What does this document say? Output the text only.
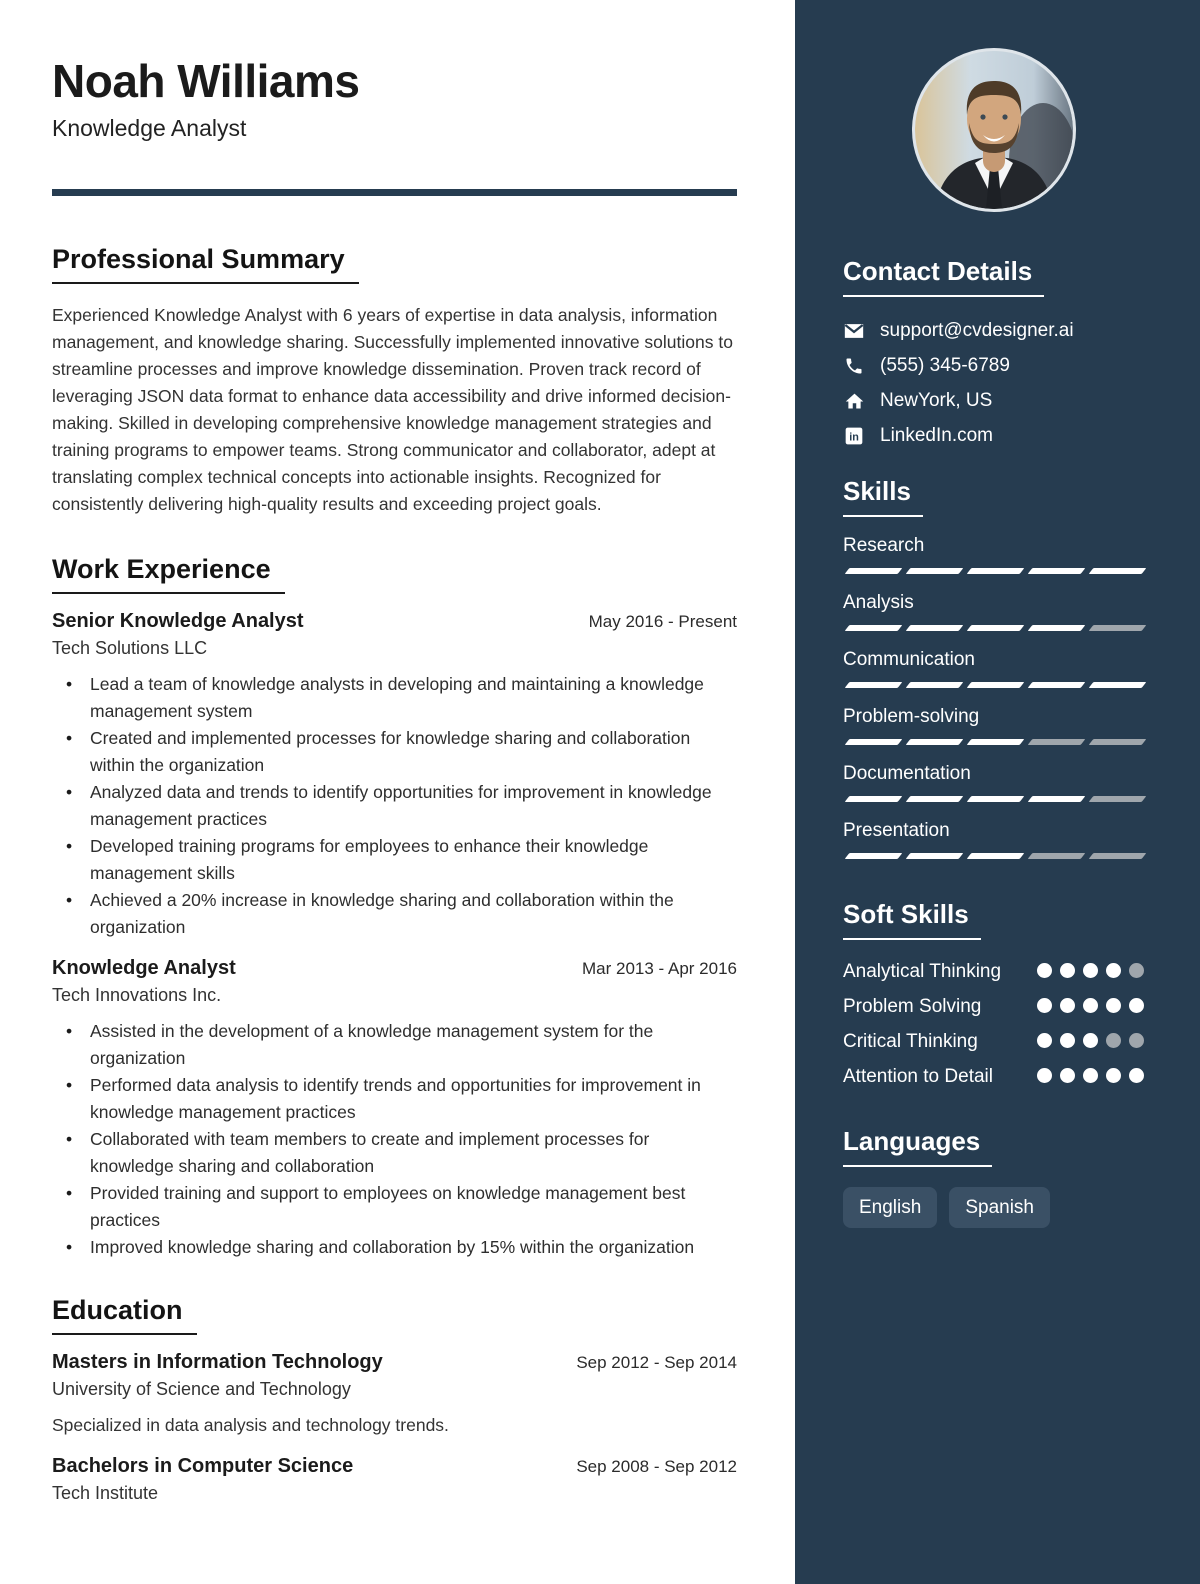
Noah Williams
Knowledge Analyst
Professional Summary

Experienced Knowledge Analyst with 6 years of expertise in data analysis, information management, and knowledge sharing. Successfully implemented innovative solutions to streamline processes and improve knowledge dissemination. Proven track record of leveraging JSON data format to enhance data accessibility and drive informed decision-making. Skilled in developing comprehensive knowledge management strategies and training programs to empower teams. Strong communicator and collaborator, adept at translating complex technical concepts into actionable insights. Recognized for consistently delivering high-quality results and exceeding project goals.

Work Experience
Senior Knowledge Analyst	May 2016 - Present
Tech Solutions LLC
• Lead a team of knowledge analysts in developing and maintaining a knowledge management system
• Created and implemented processes for knowledge sharing and collaboration within the organization
• Analyzed data and trends to identify opportunities for improvement in knowledge management practices
• Developed training programs for employees to enhance their knowledge management skills
• Achieved a 20% increase in knowledge sharing and collaboration within the organization
Knowledge Analyst	Mar 2013 - Apr 2016
Tech Innovations Inc.
• Assisted in the development of a knowledge management system for the organization
• Performed data analysis to identify trends and opportunities for improvement in knowledge management practices
• Collaborated with team members to create and implement processes for knowledge sharing and collaboration
• Provided training and support to employees on knowledge management best practices
• Improved knowledge sharing and collaboration by 15% within the organization
Education
Masters in Information Technology	Sep 2012 - Sep 2014
University of Science and Technology

Specialized in data analysis and technology trends.

Bachelors in Computer Science	Sep 2008 - Sep 2012
Tech Institute
Contact Details
support@cvdesigner.ai
(555) 345-6789
NewYork, US
in LinkedIn.com
Skills
Research
Analysis
Communication
Problem-solving
Documentation
Presentation
Soft Skills
Analytical Thinking
Problem Solving
Critical Thinking
Attention to Detail
Languages
English	Spanish
